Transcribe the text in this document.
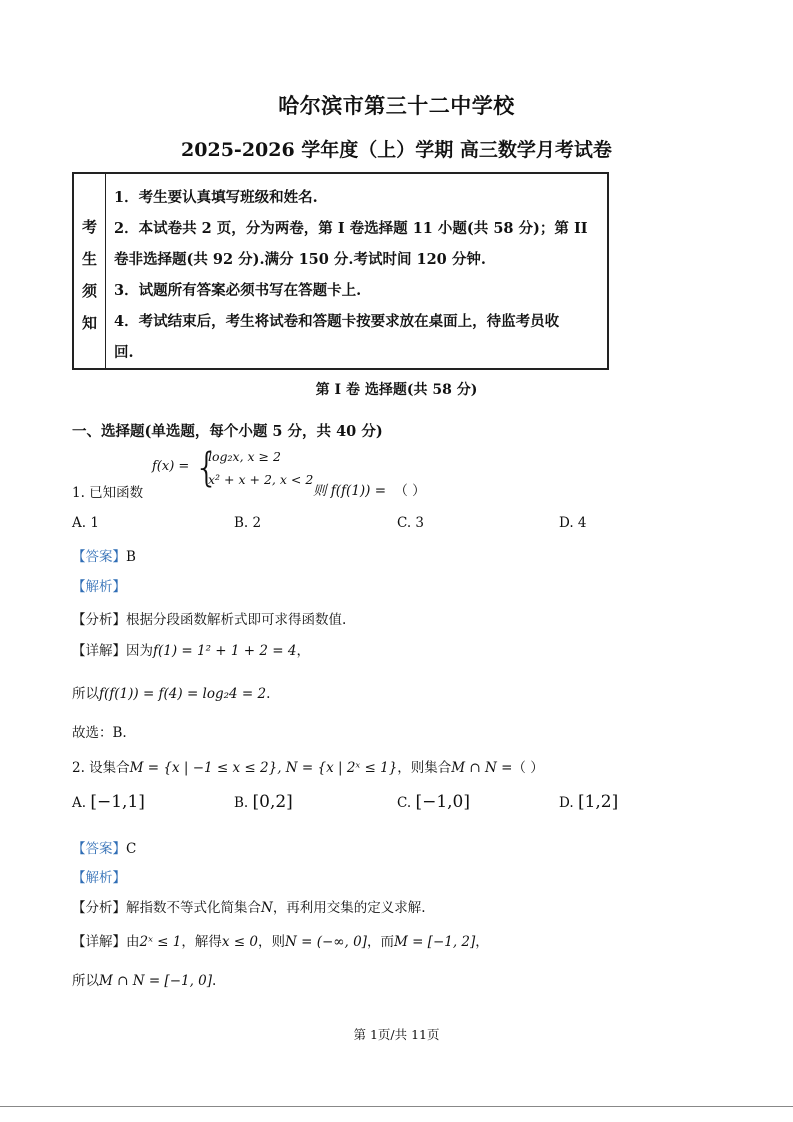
哈尔滨市第三十二中学校
2025-2026 学年度（上）学期 高三数学月考试卷
考
生
须
知
1．考生要认真填写班级和姓名.
2．本试卷共 2 页，分为两卷，第 I 卷选择题 11 小题(共 58 分)；第 II
卷非选择题(共 92 分).满分 150 分.考试时间 120 分钟.
3．试题所有答案必须书写在答题卡上.
4．考试结束后，考生将试卷和答题卡按要求放在桌面上，待监考员收
回.
第 I 卷 选择题(共 58 分)
一、选择题(单选题，每个小题 5 分，共 40 分)
f(x) = {
log₂x, x ≥ 2
x² + x + 2, x < 2
1. 已知函数	则 f(f(1)) = （ ）
A. 1	B. 2	C. 3	D. 4
【答案】B
【解析】
【分析】根据分段函数解析式即可求得函数值.
【详解】因为f(1) = 1² + 1 + 2 = 4，
所以f(f(1)) = f(4) = log₂4 = 2.
故选：B.
2. 设集合M = {x | −1 ≤ x ≤ 2}, N = {x | 2ˣ ≤ 1}，则集合M ∩ N =（ ）
A. [−1,1]	B. [0,2]	C. [−1,0]	D. [1,2]
【答案】C
【解析】
【分析】解指数不等式化简集合N，再利用交集的定义求解.
【详解】由2ˣ ≤ 1，解得x ≤ 0，则N = (−∞, 0]，而M = [−1, 2]，
所以M ∩ N = [−1, 0].
第 1页/共 11页
